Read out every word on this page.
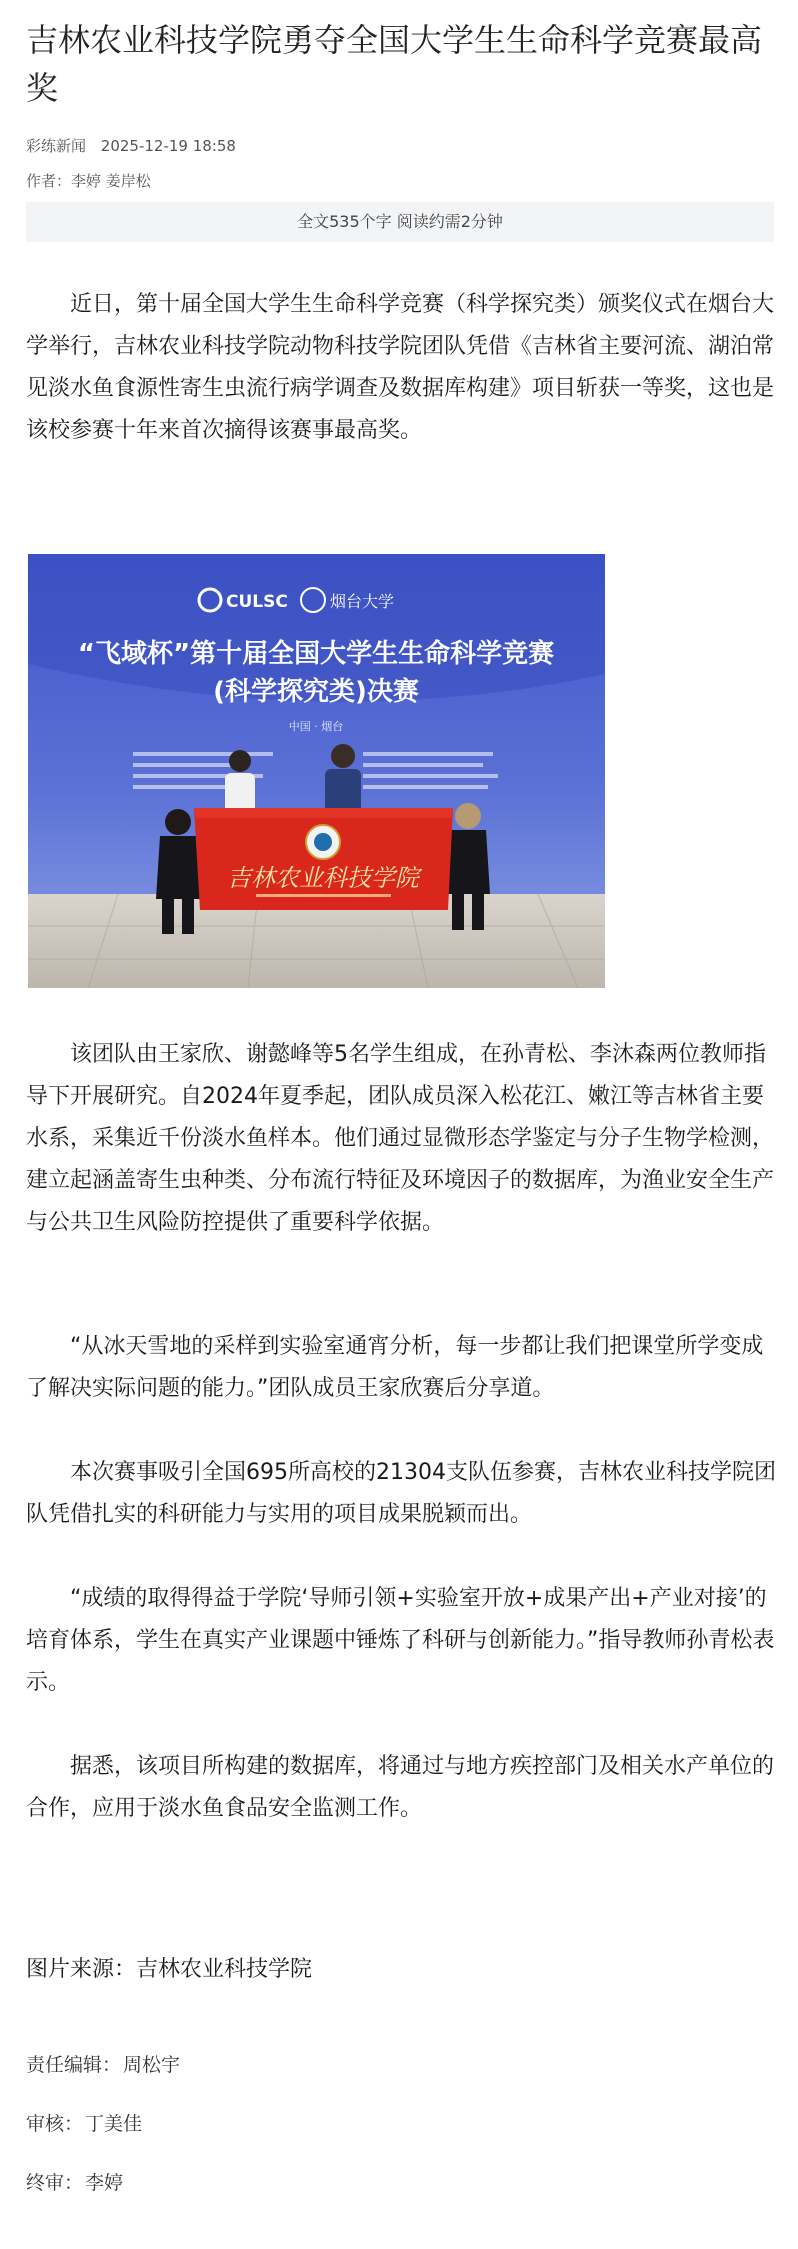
吉林农业科技学院勇夺全国大学生生命科学竞赛最高奖
彩练新闻 2025-12-19 18:58
作者：李婷 姜岸松
全文535个字 阅读约需2分钟

近日，第十届全国大学生生命科学竞赛（科学探究类）颁奖仪式在烟台大学举行，吉林农业科技学院动物科技学院团队凭借《吉林省主要河流、湖泊常见淡水鱼食源性寄生虫流行病学调查及数据库构建》项目斩获一等奖，这也是该校参赛十年来首次摘得该赛事最高奖。

CULSC	烟台大学
“飞域杯”第十届全国大学生生命科学竞赛
(科学探究类)决赛
中国 · 烟台
吉林农业科技学院

该团队由王家欣、谢懿峰等5名学生组成，在孙青松、李沐森两位教师指导下开展研究。自2024年夏季起，团队成员深入松花江、嫩江等吉林省主要水系，采集近千份淡水鱼样本。他们通过显微形态学鉴定与分子生物学检测，建立起涵盖寄生虫种类、分布流行特征及环境因子的数据库，为渔业安全生产与公共卫生风险防控提供了重要科学依据。

“从冰天雪地的采样到实验室通宵分析，每一步都让我们把课堂所学变成了解决实际问题的能力。”团队成员王家欣赛后分享道。

本次赛事吸引全国695所高校的21304支队伍参赛，吉林农业科技学院团队凭借扎实的科研能力与实用的项目成果脱颖而出。

“成绩的取得得益于学院‘导师引领+实验室开放+成果产出+产业对接’的培育体系，学生在真实产业课题中锤炼了科研与创新能力。”指导教师孙青松表示。

据悉，该项目所构建的数据库，将通过与地方疾控部门及相关水产单位的合作，应用于淡水鱼食品安全监测工作。

图片来源：吉林农业科技学院
责任编辑： 周松宇
审核： 丁美佳
终审： 李婷
